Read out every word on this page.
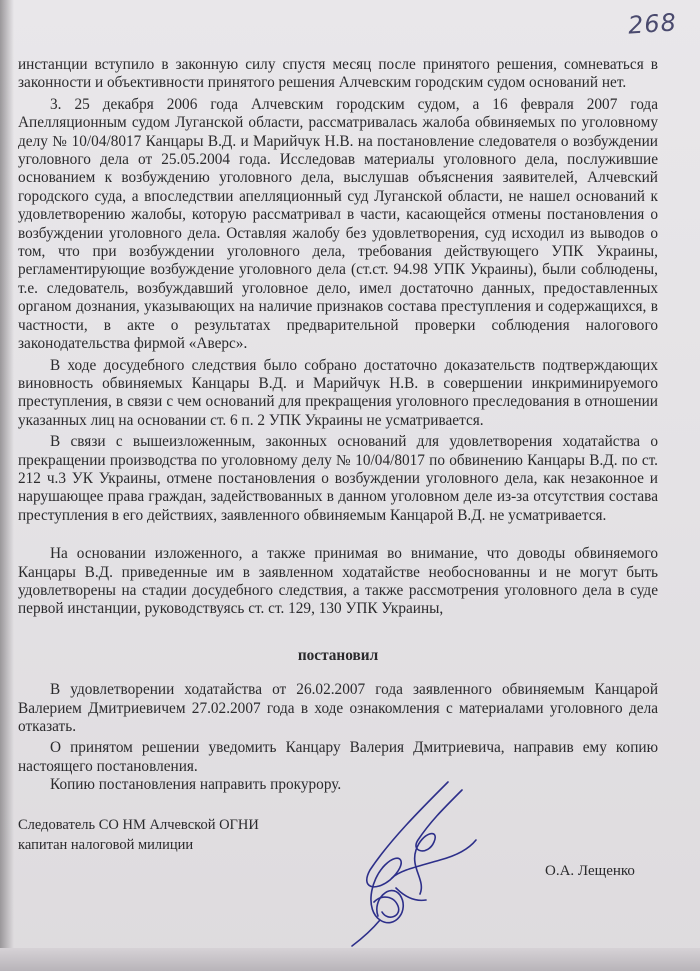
268

инстанции вступило в законную силу спустя месяц после принятого решения, сомневаться в законности и объективности принятого решения Алчевским городским судом оснований нет.

3. 25 декабря 2006 года Алчевским городским судом, а 16 февраля 2007 года Апелляционным судом Луганской области, рассматривалась жалоба обвиняемых по уголовному делу № 10/04/8017 Канцары В.Д. и Марийчук Н.В. на постановление следователя о возбуждении уголовного дела от 25.05.2004 года. Исследовав материалы уголовного дела, послужившие основанием к возбуждению уголовного дела, выслушав объяснения заявителей, Алчевский городского суда, а впоследствии апелляционный суд Луганской области, не нашел оснований к удовлетворению жалобы, которую рассматривал в части, касающейся отмены постановления о возбуждении уголовного дела. Оставляя жалобу без удовлетворения, суд исходил из выводов о том, что при возбуждении уголовного дела, требования действующего УПК Украины, регламентирующие возбуждение уголовного дела (ст.ст. 94.98 УПК Украины), были соблюдены, т.е. следователь, возбуждавший уголовное дело, имел достаточно данных, предоставленных органом дознания, указывающих на наличие признаков состава преступления и содержащихся, в частности, в акте о результатах предварительной проверки соблюдения налогового законодательства фирмой «Аверс».

В ходе досудебного следствия было собрано достаточно доказательств подтверждающих виновность обвиняемых Канцары В.Д. и Марийчук Н.В. в совершении инкриминируемого преступления, в связи с чем оснований для прекращения уголовного преследования в отношении указанных лиц на основании ст. 6 п. 2 УПК Украины не усматривается.

В связи с вышеизложенным, законных оснований для удовлетворения ходатайства о прекращении производства по уголовному делу № 10/04/8017 по обвинению Канцары В.Д. по ст. 212 ч.3 УК Украины, отмене постановления о возбуждении уголовного дела, как незаконное и нарушающее права граждан, задействованных в данном уголовном деле из-за отсутствия состава преступления в его действиях, заявленного обвиняемым Канцарой В.Д. не усматривается.

На основании изложенного, а также принимая во внимание, что доводы обвиняемого Канцары В.Д. приведенные им в заявленном ходатайстве необоснованны и не могут быть удовлетворены на стадии досудебного следствия, а также рассмотрения уголовного дела в суде первой инстанции, руководствуясь ст. ст. 129, 130 УПК Украины,

постановил

В удовлетворении ходатайства от 26.02.2007 года заявленного обвиняемым Канцарой Валерием Дмитриевичем 27.02.2007 года в ходе ознакомления с материалами уголовного дела отказать.

О принятом решении уведомить Канцару Валерия Дмитриевича, направив ему копию настоящего постановления.

Копию постановления направить прокурору.

Следователь СО НМ Алчевской ОГНИ
капитан налоговой милиции
О.А. Лещенко
